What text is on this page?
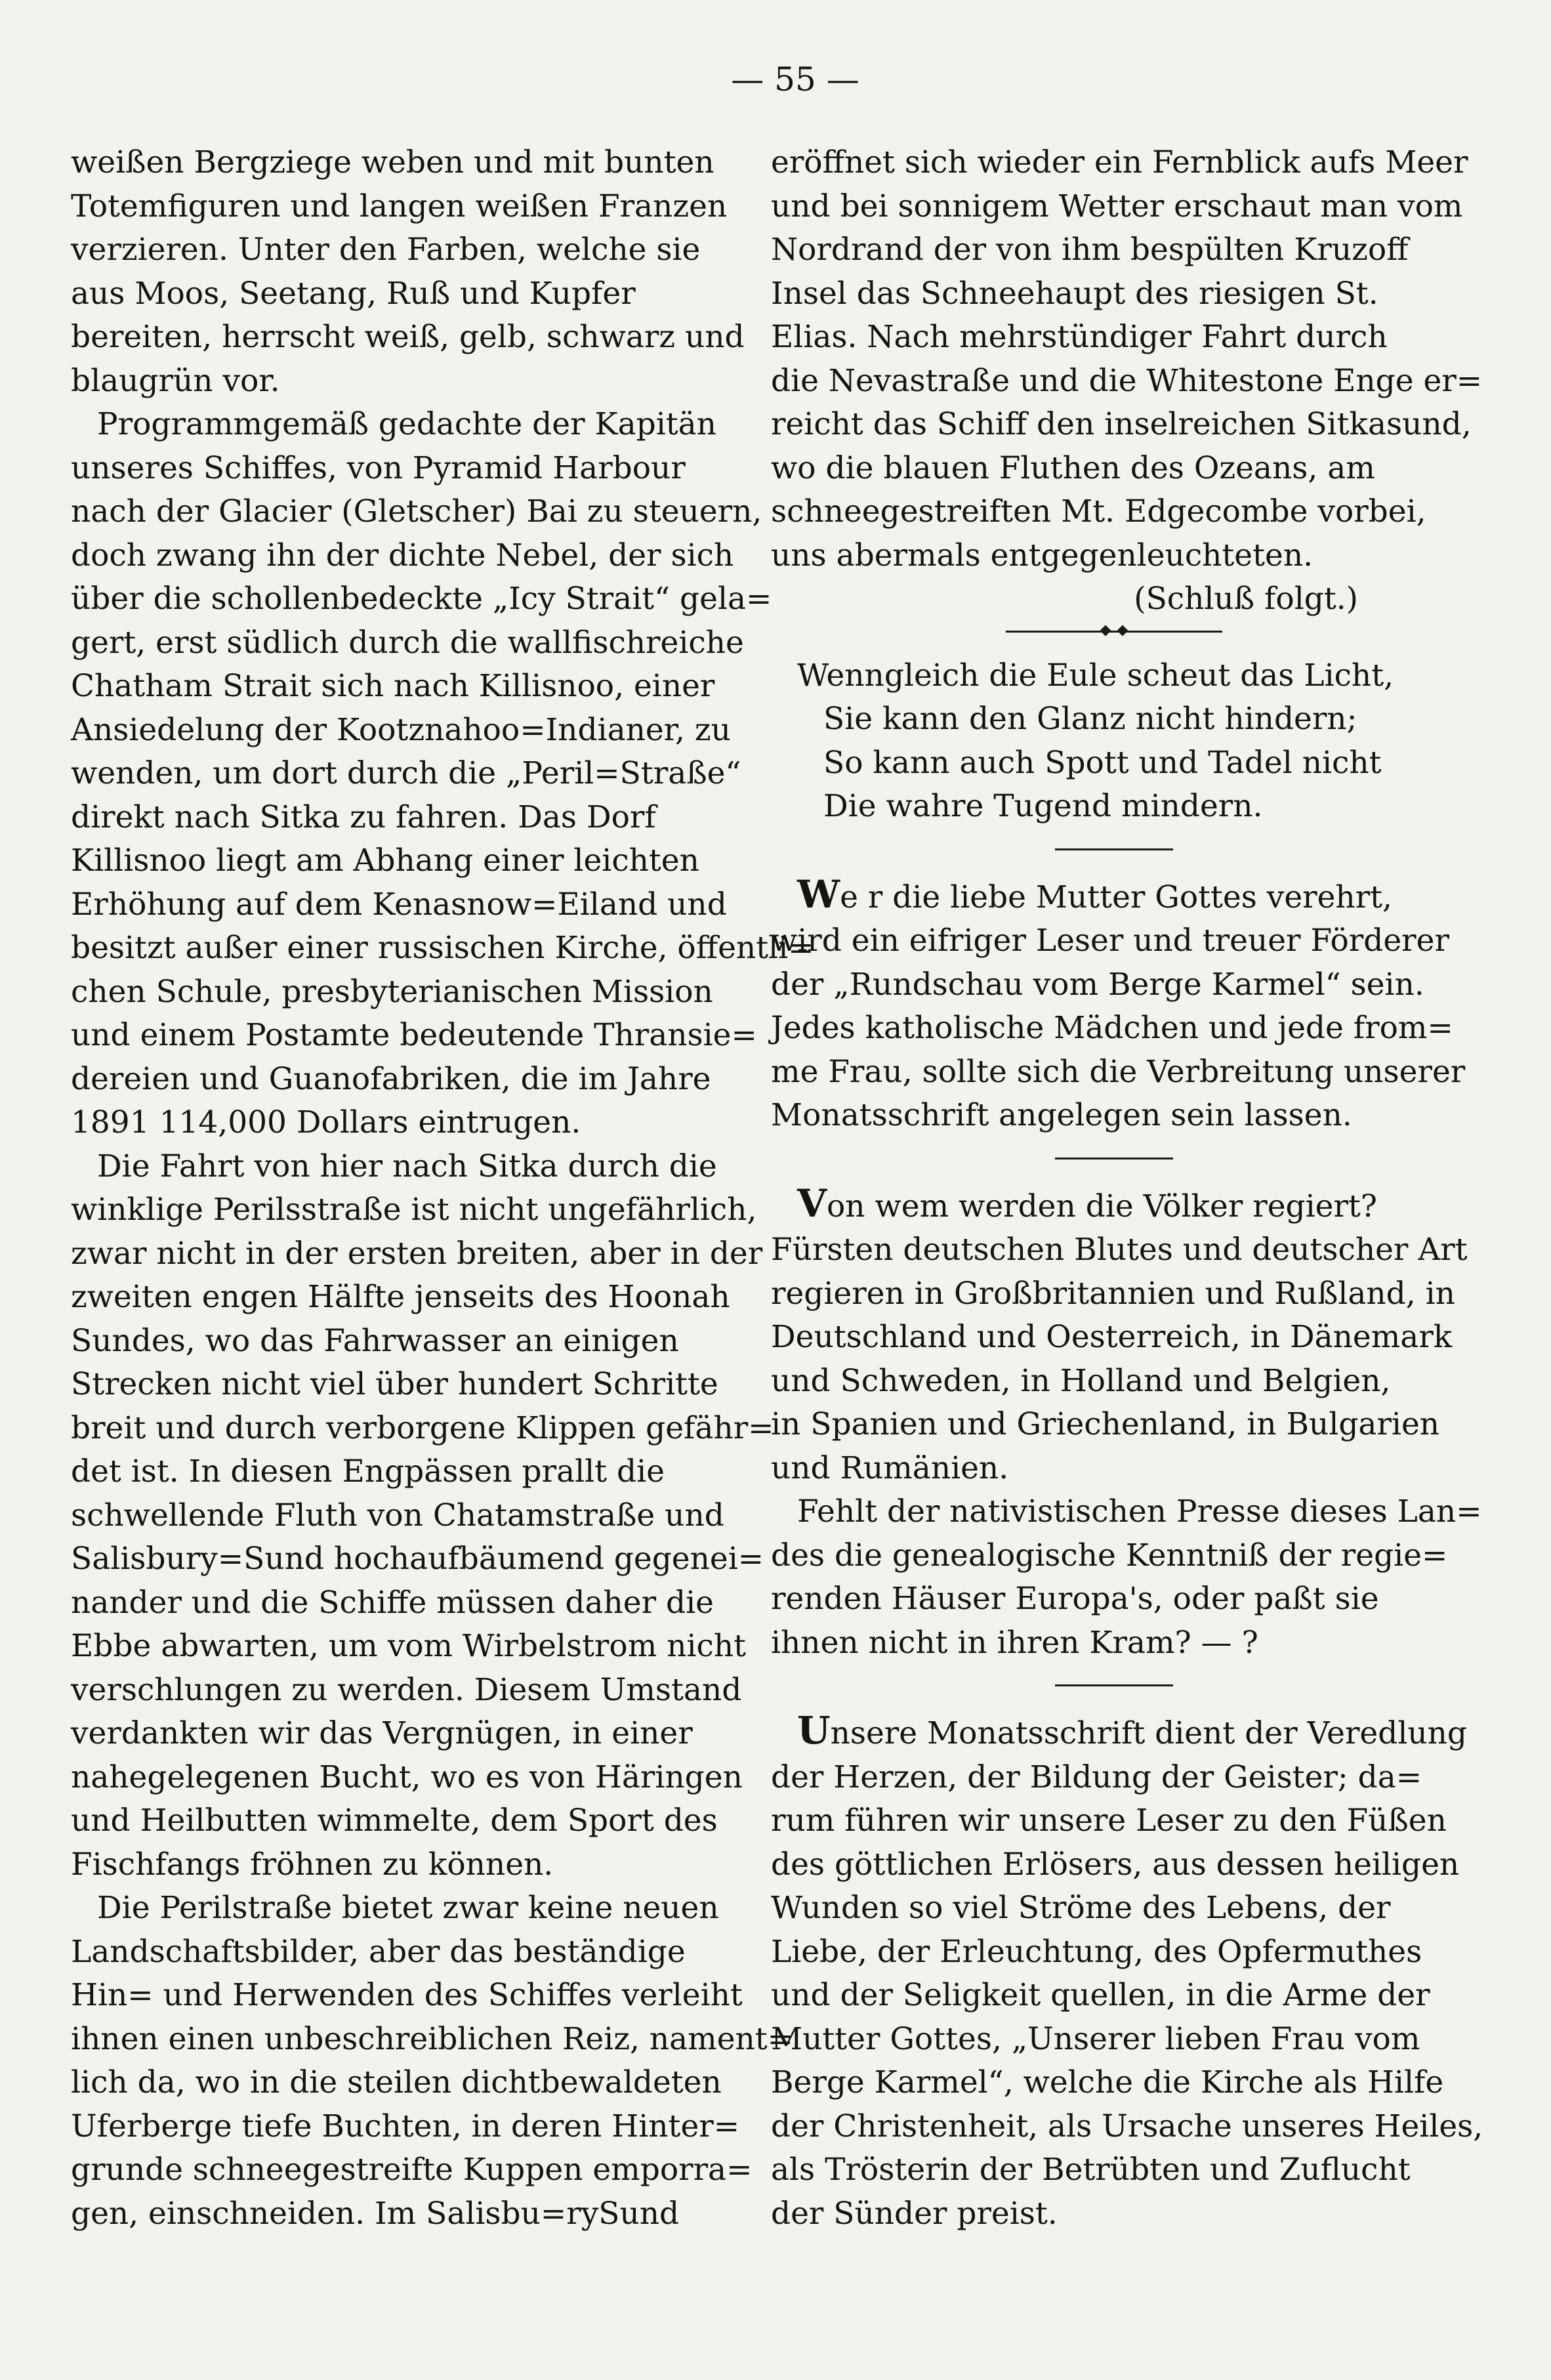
— 55 —
weißen Bergziege weben und mit bunten
Totemfiguren und langen weißen Franzen
verzieren. Unter den Farben, welche sie
aus Moos, Seetang, Ruß und Kupfer
bereiten, herrscht weiß, gelb, schwarz und
blaugrün vor.
Programmgemäß gedachte der Kapitän
unseres Schiffes, von Pyramid Harbour
nach der Glacier (Gletscher) Bai zu steuern,
doch zwang ihn der dichte Nebel, der sich
über die schollenbedeckte „Icy Strait“ gela=
gert, erst südlich durch die wallfischreiche
Chatham Strait sich nach Killisnoo, einer
Ansiedelung der Kootznahoo=Indianer, zu
wenden, um dort durch die „Peril=Straße“
direkt nach Sitka zu fahren. Das Dorf
Killisnoo liegt am Abhang einer leichten
Erhöhung auf dem Kenasnow=Eiland und
besitzt außer einer russischen Kirche, öffentli=
chen Schule, presbyterianischen Mission
und einem Postamte bedeutende Thransie=
dereien und Guanofabriken, die im Jahre
1891 114,000 Dollars eintrugen.
Die Fahrt von hier nach Sitka durch die
winklige Perilsstraße ist nicht ungefährlich,
zwar nicht in der ersten breiten, aber in der
zweiten engen Hälfte jenseits des Hoonah
Sundes, wo das Fahrwasser an einigen
Strecken nicht viel über hundert Schritte
breit und durch verborgene Klippen gefähr=
det ist. In diesen Engpässen prallt die
schwellende Fluth von Chatamstraße und
Salisbury=Sund hochaufbäumend gegenei=
nander und die Schiffe müssen daher die
Ebbe abwarten, um vom Wirbelstrom nicht
verschlungen zu werden. Diesem Umstand
verdankten wir das Vergnügen, in einer
nahegelegenen Bucht, wo es von Häringen
und Heilbutten wimmelte, dem Sport des
Fischfangs fröhnen zu können.
Die Perilstraße bietet zwar keine neuen
Landschaftsbilder, aber das beständige
Hin= und Herwenden des Schiffes verleiht
ihnen einen unbeschreiblichen Reiz, nament=
lich da, wo in die steilen dichtbewaldeten
Uferberge tiefe Buchten, in deren Hinter=
grunde schneegestreifte Kuppen emporra=
gen, einschneiden. Im Salisbu=rySund
eröffnet sich wieder ein Fernblick aufs Meer
und bei sonnigem Wetter erschaut man vom
Nordrand der von ihm bespülten Kruzoff
Insel das Schneehaupt des riesigen St.
Elias. Nach mehrstündiger Fahrt durch
die Nevastraße und die Whitestone Enge er=
reicht das Schiff den inselreichen Sitkasund,
wo die blauen Fluthen des Ozeans, am
schneegestreiften Mt. Edgecombe vorbei,
uns abermals entgegenleuchteten.
(Schluß folgt.)
Wenngleich die Eule scheut das Licht,
Sie kann den Glanz nicht hindern;
So kann auch Spott und Tadel nicht
Die wahre Tugend mindern.
We r die liebe Mutter Gottes verehrt,
wird ein eifriger Leser und treuer Förderer
der „Rundschau vom Berge Karmel“ sein.
Jedes katholische Mädchen und jede from=
me Frau, sollte sich die Verbreitung unserer
Monatsschrift angelegen sein lassen.
Von wem werden die Völker regiert?
Fürsten deutschen Blutes und deutscher Art
regieren in Großbritannien und Rußland, in
Deutschland und Oesterreich, in Dänemark
und Schweden, in Holland und Belgien,
in Spanien und Griechenland, in Bulgarien
und Rumänien.
Fehlt der nativistischen Presse dieses Lan=
des die genealogische Kenntniß der regie=
renden Häuser Europa's, oder paßt sie
ihnen nicht in ihren Kram? — ?
Unsere Monatsschrift dient der Veredlung
der Herzen, der Bildung der Geister; da=
rum führen wir unsere Leser zu den Füßen
des göttlichen Erlösers, aus dessen heiligen
Wunden so viel Ströme des Lebens, der
Liebe, der Erleuchtung, des Opfermuthes
und der Seligkeit quellen, in die Arme der
Mutter Gottes, „Unserer lieben Frau vom
Berge Karmel“, welche die Kirche als Hilfe
der Christenheit, als Ursache unseres Heiles,
als Trösterin der Betrübten und Zuflucht
der Sünder preist.
